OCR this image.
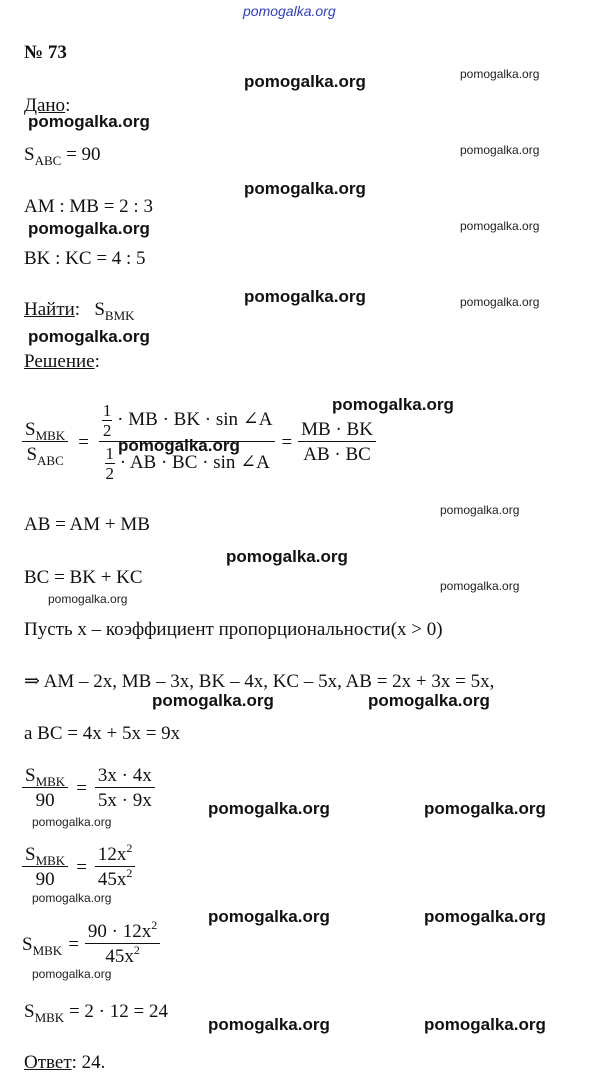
pomogalka.org
№ 73
Дано:
$S_{ABC} = 90$
AM : MB = 2 : 3
BK : KC = 4 : 5
Найти: $S_{BMK}$
Решение:
$\frac{S_{MBK}}{S_{ABC}} = \frac{\frac{1}{2} \cdot MB \cdot BK \cdot \sin \angle A}{\frac{1}{2} \cdot AB \cdot BC \cdot \sin \angle A} = \frac{MB \cdot BK}{AB \cdot BC}$
AB = AM + MB
BC = BK + KC
Пусть x – коэффициент пропорциональности(x > 0)
⇒ AM – 2x, MB – 3x, BK – 4x, KC – 5x, AB = 2x + 3x = 5x,
а BC = 4x + 5x = 9x
$\frac{S_{MBK}}{90} = \frac{3x \cdot 4x}{5x \cdot 9x}$
$\frac{S_{MBK}}{90} = \frac{12x^2}{45x^2}$
$S_{MBK} = \frac{90 \cdot 12x^2}{45x^2}$
$S_{MBK} = 2 \cdot 12 = 24$
Ответ: 24.
pomogalka.org
pomogalka.org
pomogalka.org
pomogalka.org
pomogalka.org
pomogalka.org
pomogalka.org
pomogalka.org
pomogalka.org
pomogalka.org	pomogalka.org
pomogalka.org	pomogalka.org
pomogalka.org	pomogalka.org
pomogalka.org	pomogalka.org
pomogalka.org
pomogalka.org
pomogalka.org
pomogalka.org
pomogalka.org
pomogalka.org
pomogalka.org
pomogalka.org
pomogalka.org
pomogalka.org
